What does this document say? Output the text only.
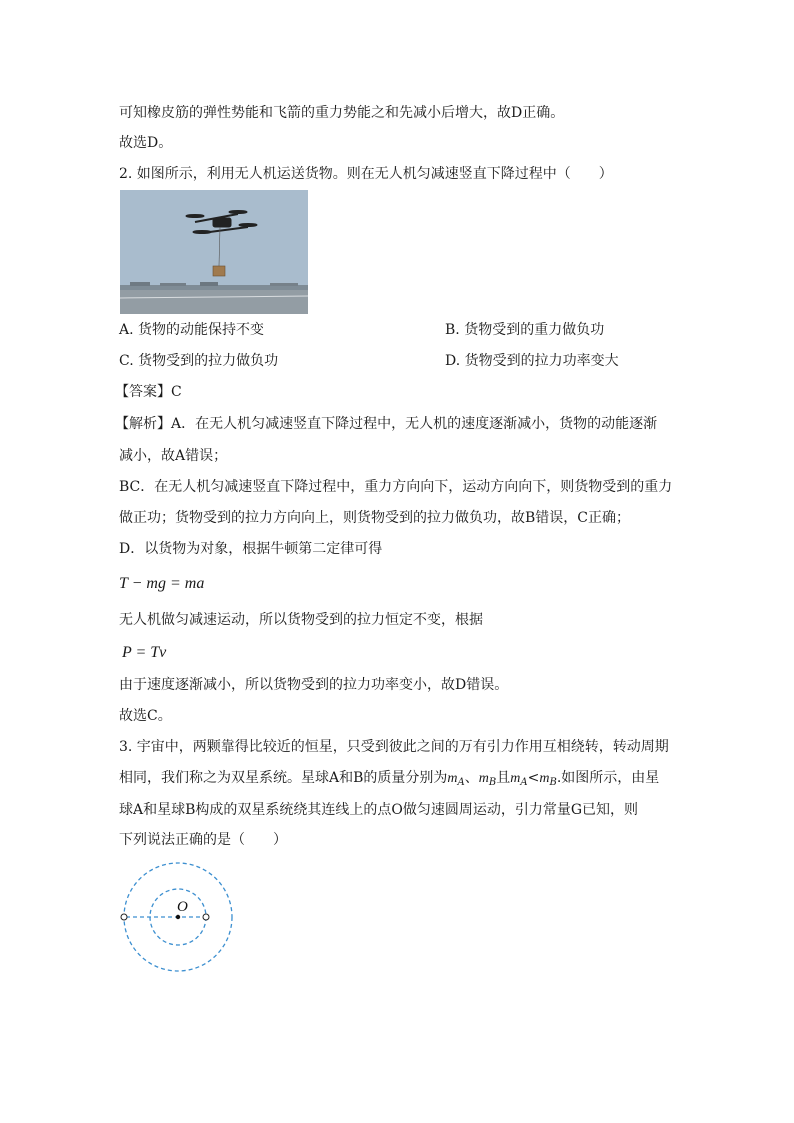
可知橡皮筋的弹性势能和飞箭的重力势能之和先减小后增大，故D正确。
故选D。
2. 如图所示，利用无人机运送货物。则在无人机匀减速竖直下降过程中（　　）
A. 货物的动能保持不变	B. 货物受到的重力做负功
C. 货物受到的拉力做负功	D. 货物受到的拉力功率变大
【答案】C
【解析】A．在无人机匀减速竖直下降过程中，无人机的速度逐渐减小，货物的动能逐渐
减小，故A错误；
BC．在无人机匀减速竖直下降过程中，重力方向向下，运动方向向下，则货物受到的重力
做正功；货物受到的拉力方向向上，则货物受到的拉力做负功，故B错误，C正确；
D．以货物为对象，根据牛顿第二定律可得
T − mg = ma
无人机做匀减速运动，所以货物受到的拉力恒定不变，根据
P = Tv
由于速度逐渐减小，所以货物受到的拉力功率变小，故D错误。
故选C。
3. 宇宙中，两颗靠得比较近的恒星，只受到彼此之间的万有引力作用互相绕转，转动周期
相同，我们称之为双星系统。星球A和B的质量分别为$m_A$、$m_B$且$m_A<m_B$.如图所示，由星
球A和星球B构成的双星系统绕其连线上的点O做匀速圆周运动，引力常量G已知，则
下列说法正确的是（　　）
O
